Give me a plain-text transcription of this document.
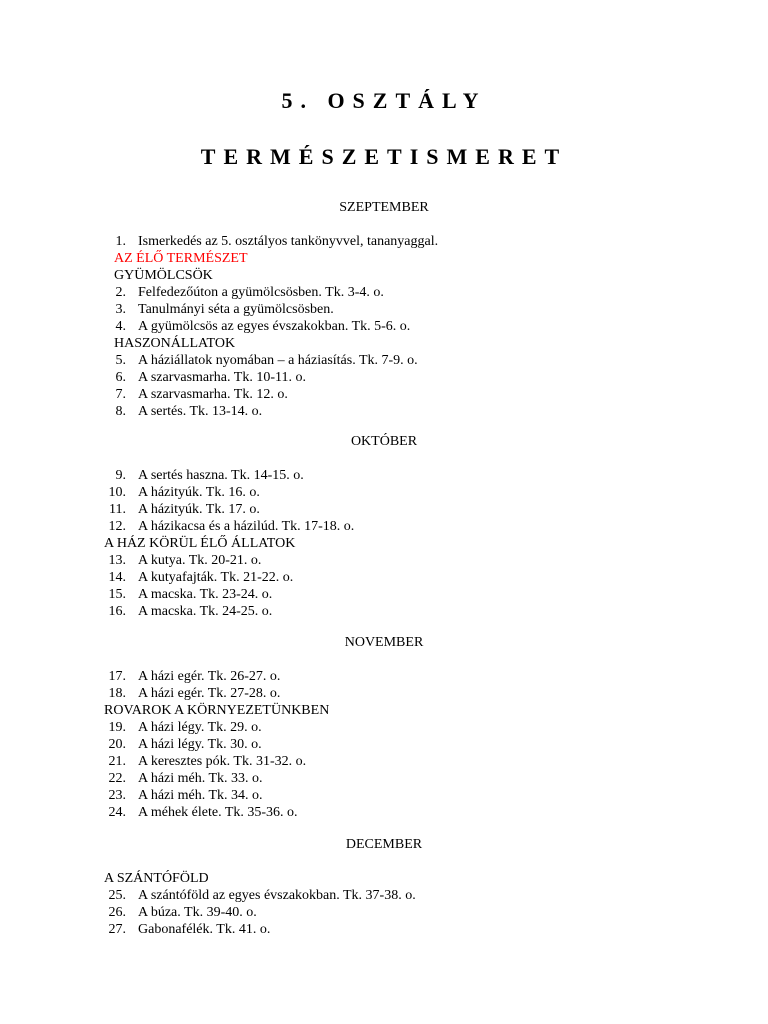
5. OSZTÁLY
TERMÉSZETISMERET

SZEPTEMBER

1. Ismerkedés az 5. osztályos tankönyvvel, tananyaggal.
AZ ÉLŐ TERMÉSZET
GYÜMÖLCSÖK
2. Felfedezőúton a gyümölcsösben. Tk. 3-4. o.
3. Tanulmányi séta a gyümölcsösben.
4. A gyümölcsös az egyes évszakokban. Tk. 5-6. o.
HASZONÁLLATOK
5. A háziállatok nyomában – a háziasítás. Tk. 7-9. o.
6. A szarvasmarha. Tk. 10-11. o.
7. A szarvasmarha. Tk. 12. o.
8. A sertés. Tk. 13-14. o.

OKTÓBER

9. A sertés haszna. Tk. 14-15. o.
10. A házityúk. Tk. 16. o.
11. A házityúk. Tk. 17. o.
12. A házikacsa és a házilúd. Tk. 17-18. o.
A HÁZ KÖRÜL ÉLŐ ÁLLATOK
13. A kutya. Tk. 20-21. o.
14. A kutyafajták. Tk. 21-22. o.
15. A macska. Tk. 23-24. o.
16. A macska. Tk. 24-25. o.

NOVEMBER

17. A házi egér. Tk. 26-27. o.
18. A házi egér. Tk. 27-28. o.
ROVAROK A KÖRNYEZETÜNKBEN
19. A házi légy. Tk. 29. o.
20. A házi légy. Tk. 30. o.
21. A keresztes pók. Tk. 31-32. o.
22. A házi méh. Tk. 33. o.
23. A házi méh. Tk. 34. o.
24. A méhek élete. Tk. 35-36. o.

DECEMBER

A SZÁNTÓFÖLD
25. A szántóföld az egyes évszakokban. Tk. 37-38. o.
26. A búza. Tk. 39-40. o.
27. Gabonafélék. Tk. 41. o.
